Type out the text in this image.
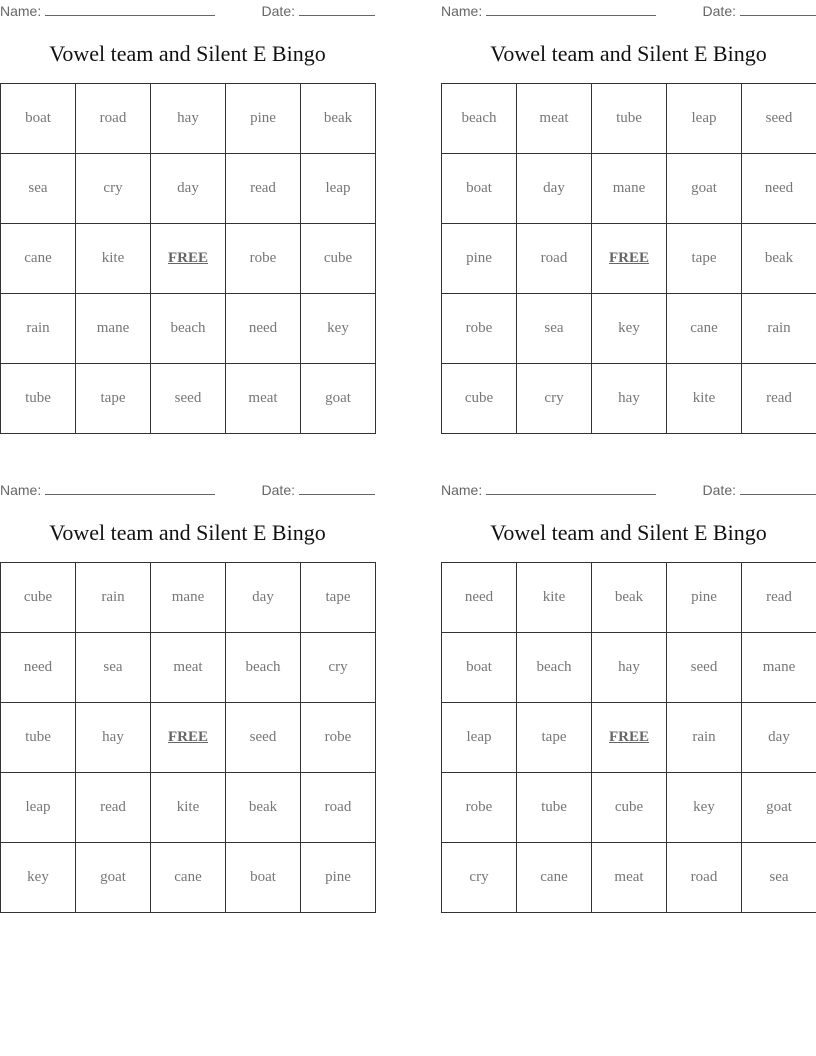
Name:	Date:
Vowel team and Silent E Bingo
boat	road	hay	pine	beak
sea	cry	day	read	leap
cane	kite	FREE	robe	cube
rain	mane	beach	need	key
tube	tape	seed	meat	goat
Name:	Date:
Vowel team and Silent E Bingo
beach	meat	tube	leap	seed
boat	day	mane	goat	need
pine	road	FREE	tape	beak
robe	sea	key	cane	rain
cube	cry	hay	kite	read
Name:	Date:
Vowel team and Silent E Bingo
cube	rain	mane	day	tape
need	sea	meat	beach	cry
tube	hay	FREE	seed	robe
leap	read	kite	beak	road
key	goat	cane	boat	pine
Name:	Date:
Vowel team and Silent E Bingo
need	kite	beak	pine	read
boat	beach	hay	seed	mane
leap	tape	FREE	rain	day
robe	tube	cube	key	goat
cry	cane	meat	road	sea
